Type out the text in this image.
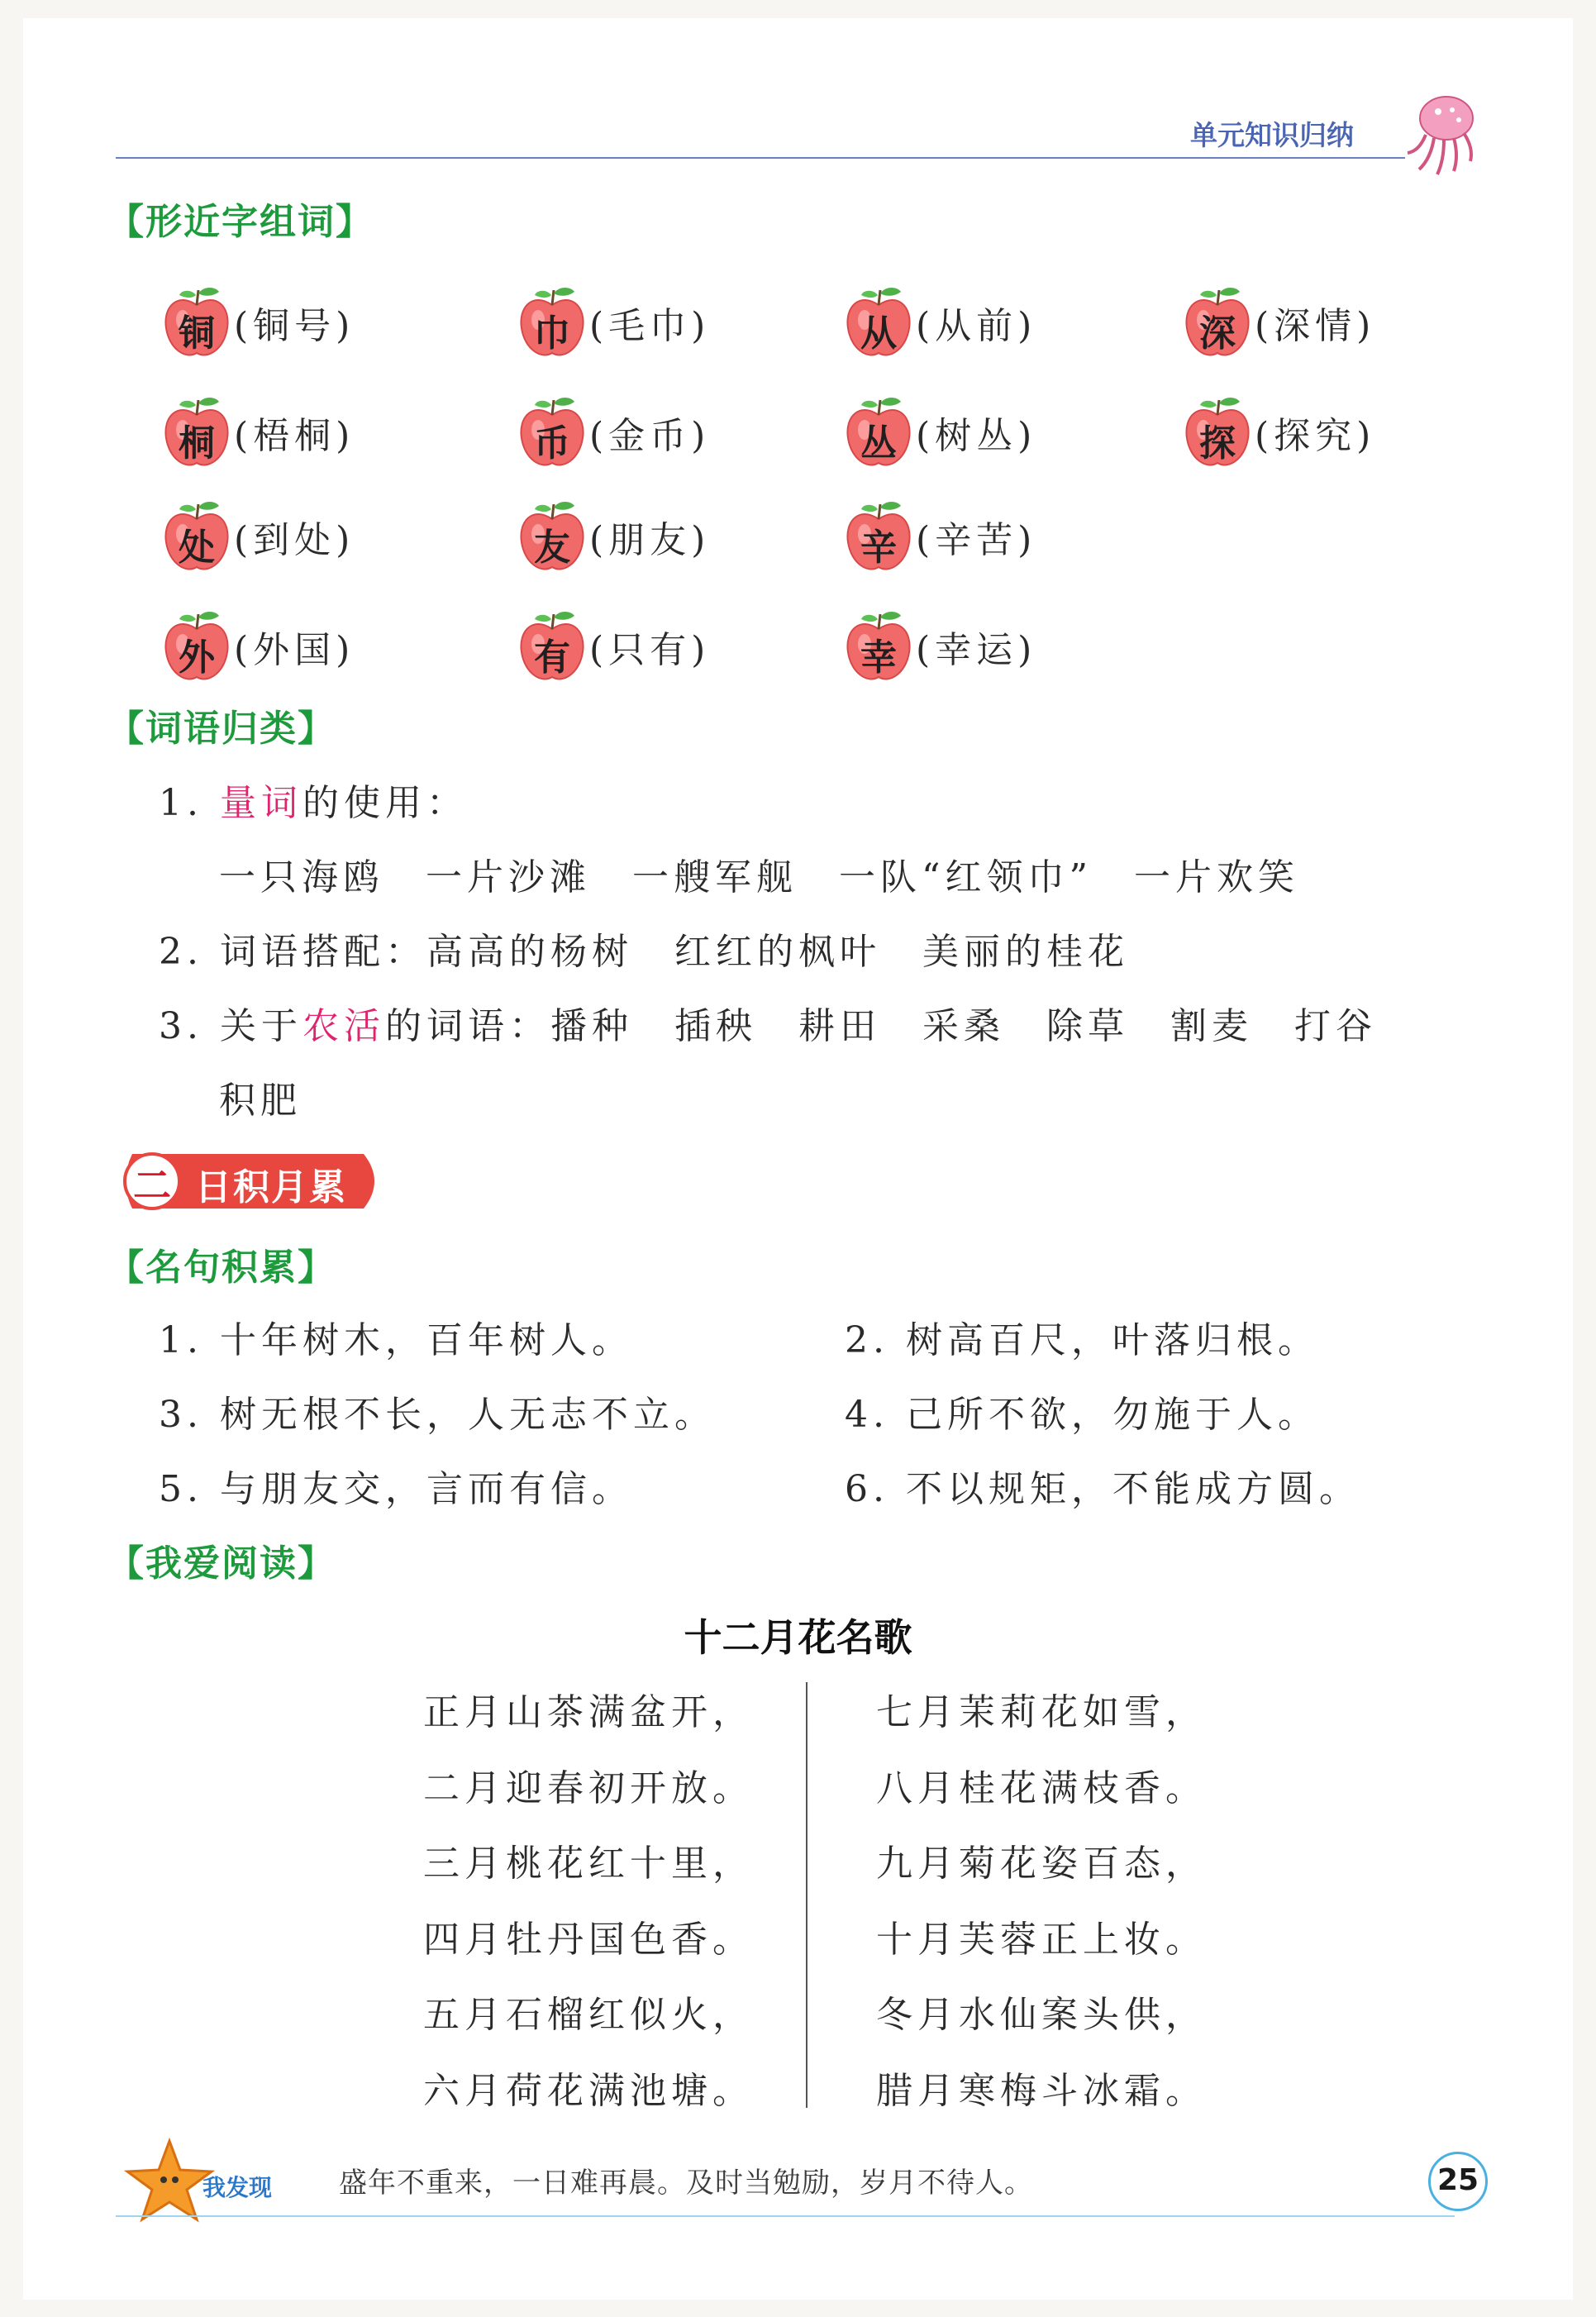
单元知识归纳
【形近字组词】
铜 (铜号)	巾 (毛巾)	从 (从前)	深 (深情)
桐 (梧桐)	币 (金币)	丛 (树丛)	探 (探究)
处 (到处)	友 (朋友)	辛 (辛苦)
外 (外国)	有 (只有)	幸 (幸运)
【词语归类】
1. 量词的使用：
一只海鸥　一片沙滩　一艘军舰　一队“红领巾”　一片欢笑
2. 词语搭配：高高的杨树　红红的枫叶　美丽的桂花
3. 关于农活的词语：播种　插秧　耕田　采桑　除草　割麦　打谷
积肥
二 日积月累
【名句积累】
1. 十年树木，百年树人。	2. 树高百尺，叶落归根。
3. 树无根不长，人无志不立。	4. 己所不欲，勿施于人。
5. 与朋友交，言而有信。	6. 不以规矩，不能成方圆。
【我爱阅读】
十二月花名歌
正月山茶满盆开，
二月迎春初开放。
三月桃花红十里，
四月牡丹国色香。
五月石榴红似火，
六月荷花满池塘。
七月茉莉花如雪，
八月桂花满枝香。
九月菊花姿百态，
十月芙蓉正上妆。
冬月水仙案头供，
腊月寒梅斗冰霜。
我发现 盛年不重来，一日难再晨。及时当勉励，岁月不待人。	25
